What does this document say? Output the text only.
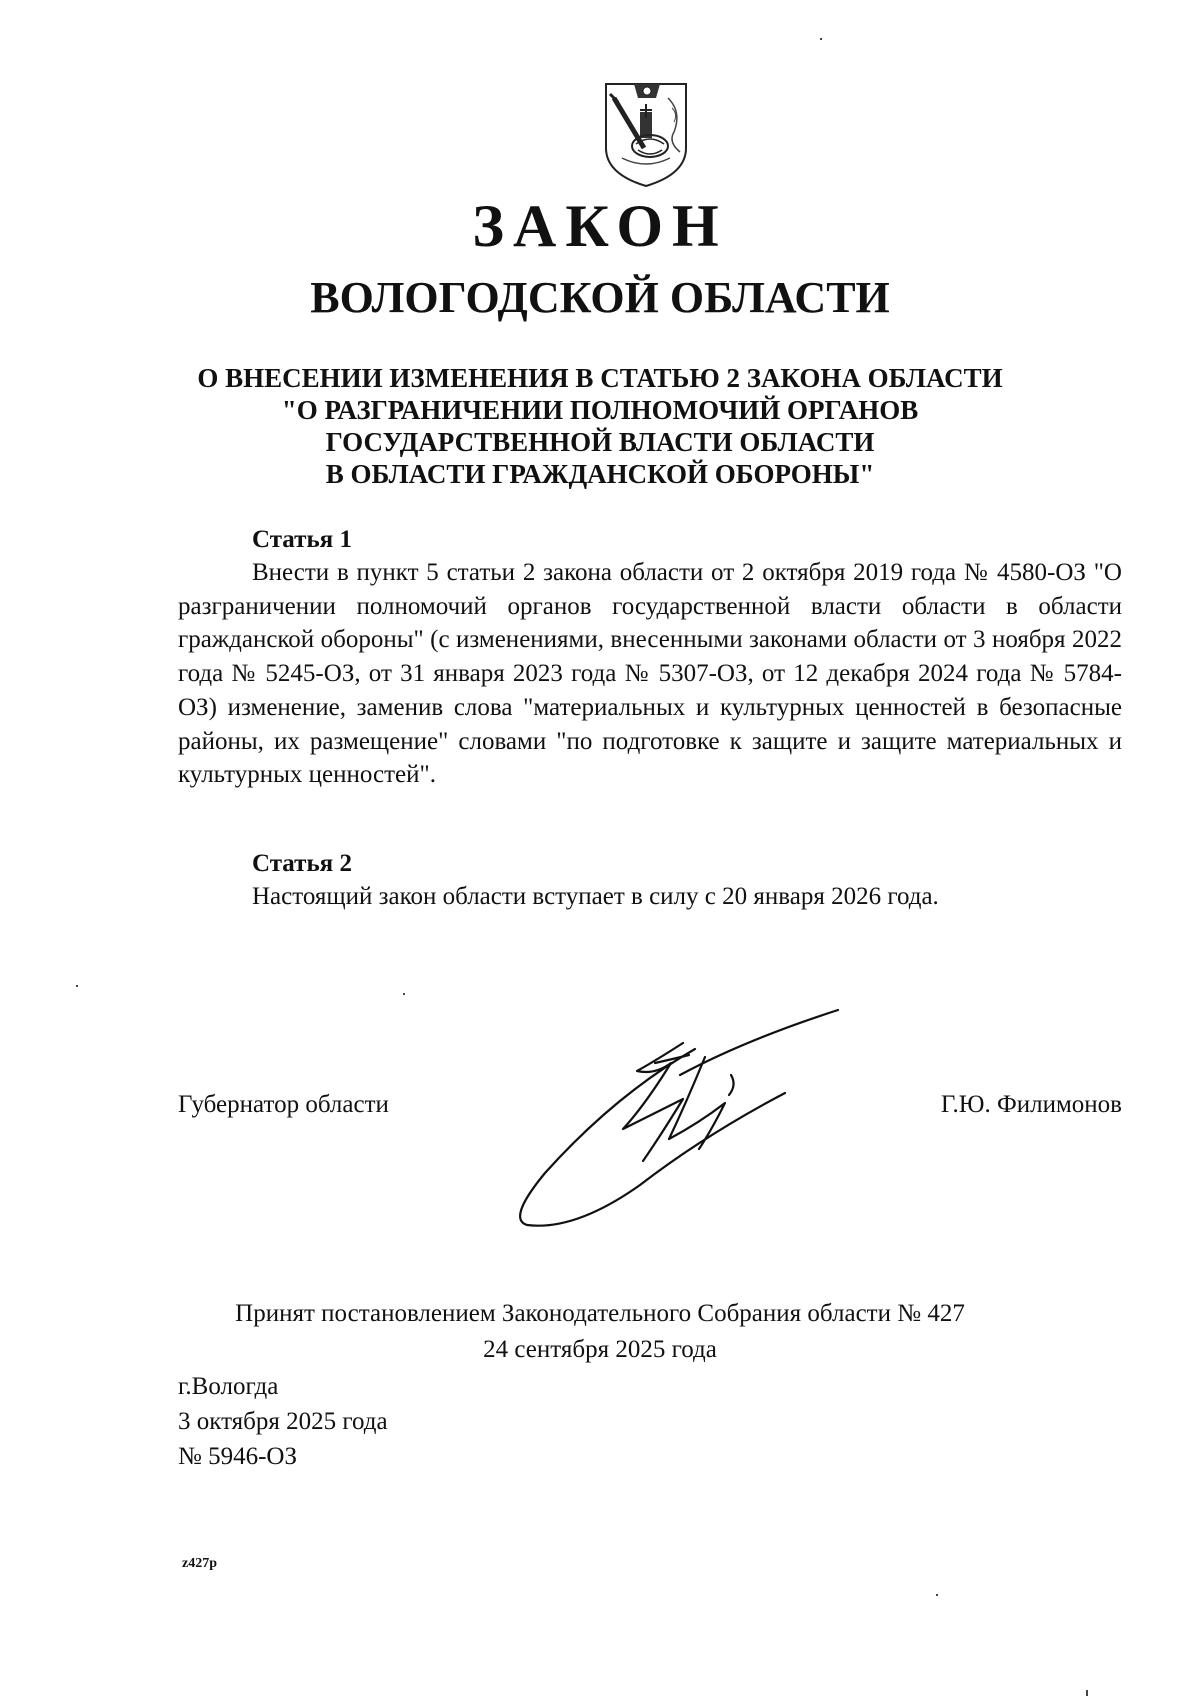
ЗАКОН
ВОЛОГОДСКОЙ ОБЛАСТИ
О ВНЕСЕНИИ ИЗМЕНЕНИЯ В СТАТЬЮ 2 ЗАКОНА ОБЛАСТИ
"О РАЗГРАНИЧЕНИИ ПОЛНОМОЧИЙ ОРГАНОВ
ГОСУДАРСТВЕННОЙ ВЛАСТИ ОБЛАСТИ
В ОБЛАСТИ ГРАЖДАНСКОЙ ОБОРОНЫ"
Статья 1

Внести в пункт 5 статьи 2 закона области от 2 октября 2019 года № 4580-ОЗ "О разграничении полномочий органов государственной власти области в области гражданской обороны" (с изменениями, внесенными законами области от 3 ноября 2022 года № 5245-ОЗ, от 31 января 2023 года № 5307-ОЗ, от 12 декабря 2024 года № 5784-ОЗ) изменение, заменив слова "материальных и культурных ценностей в безопасные районы, их размещение" словами "по подготовке к защите и защите материальных и культурных ценностей".

Статья 2

Настоящий закон области вступает в силу с 20 января 2026 года.

Губернатор области	Г.Ю. Филимонов
Принят постановлением Законодательного Собрания области № 427
24 сентября 2025 года
г.Вологда
3 октября 2025 года
№ 5946-ОЗ
z427p
